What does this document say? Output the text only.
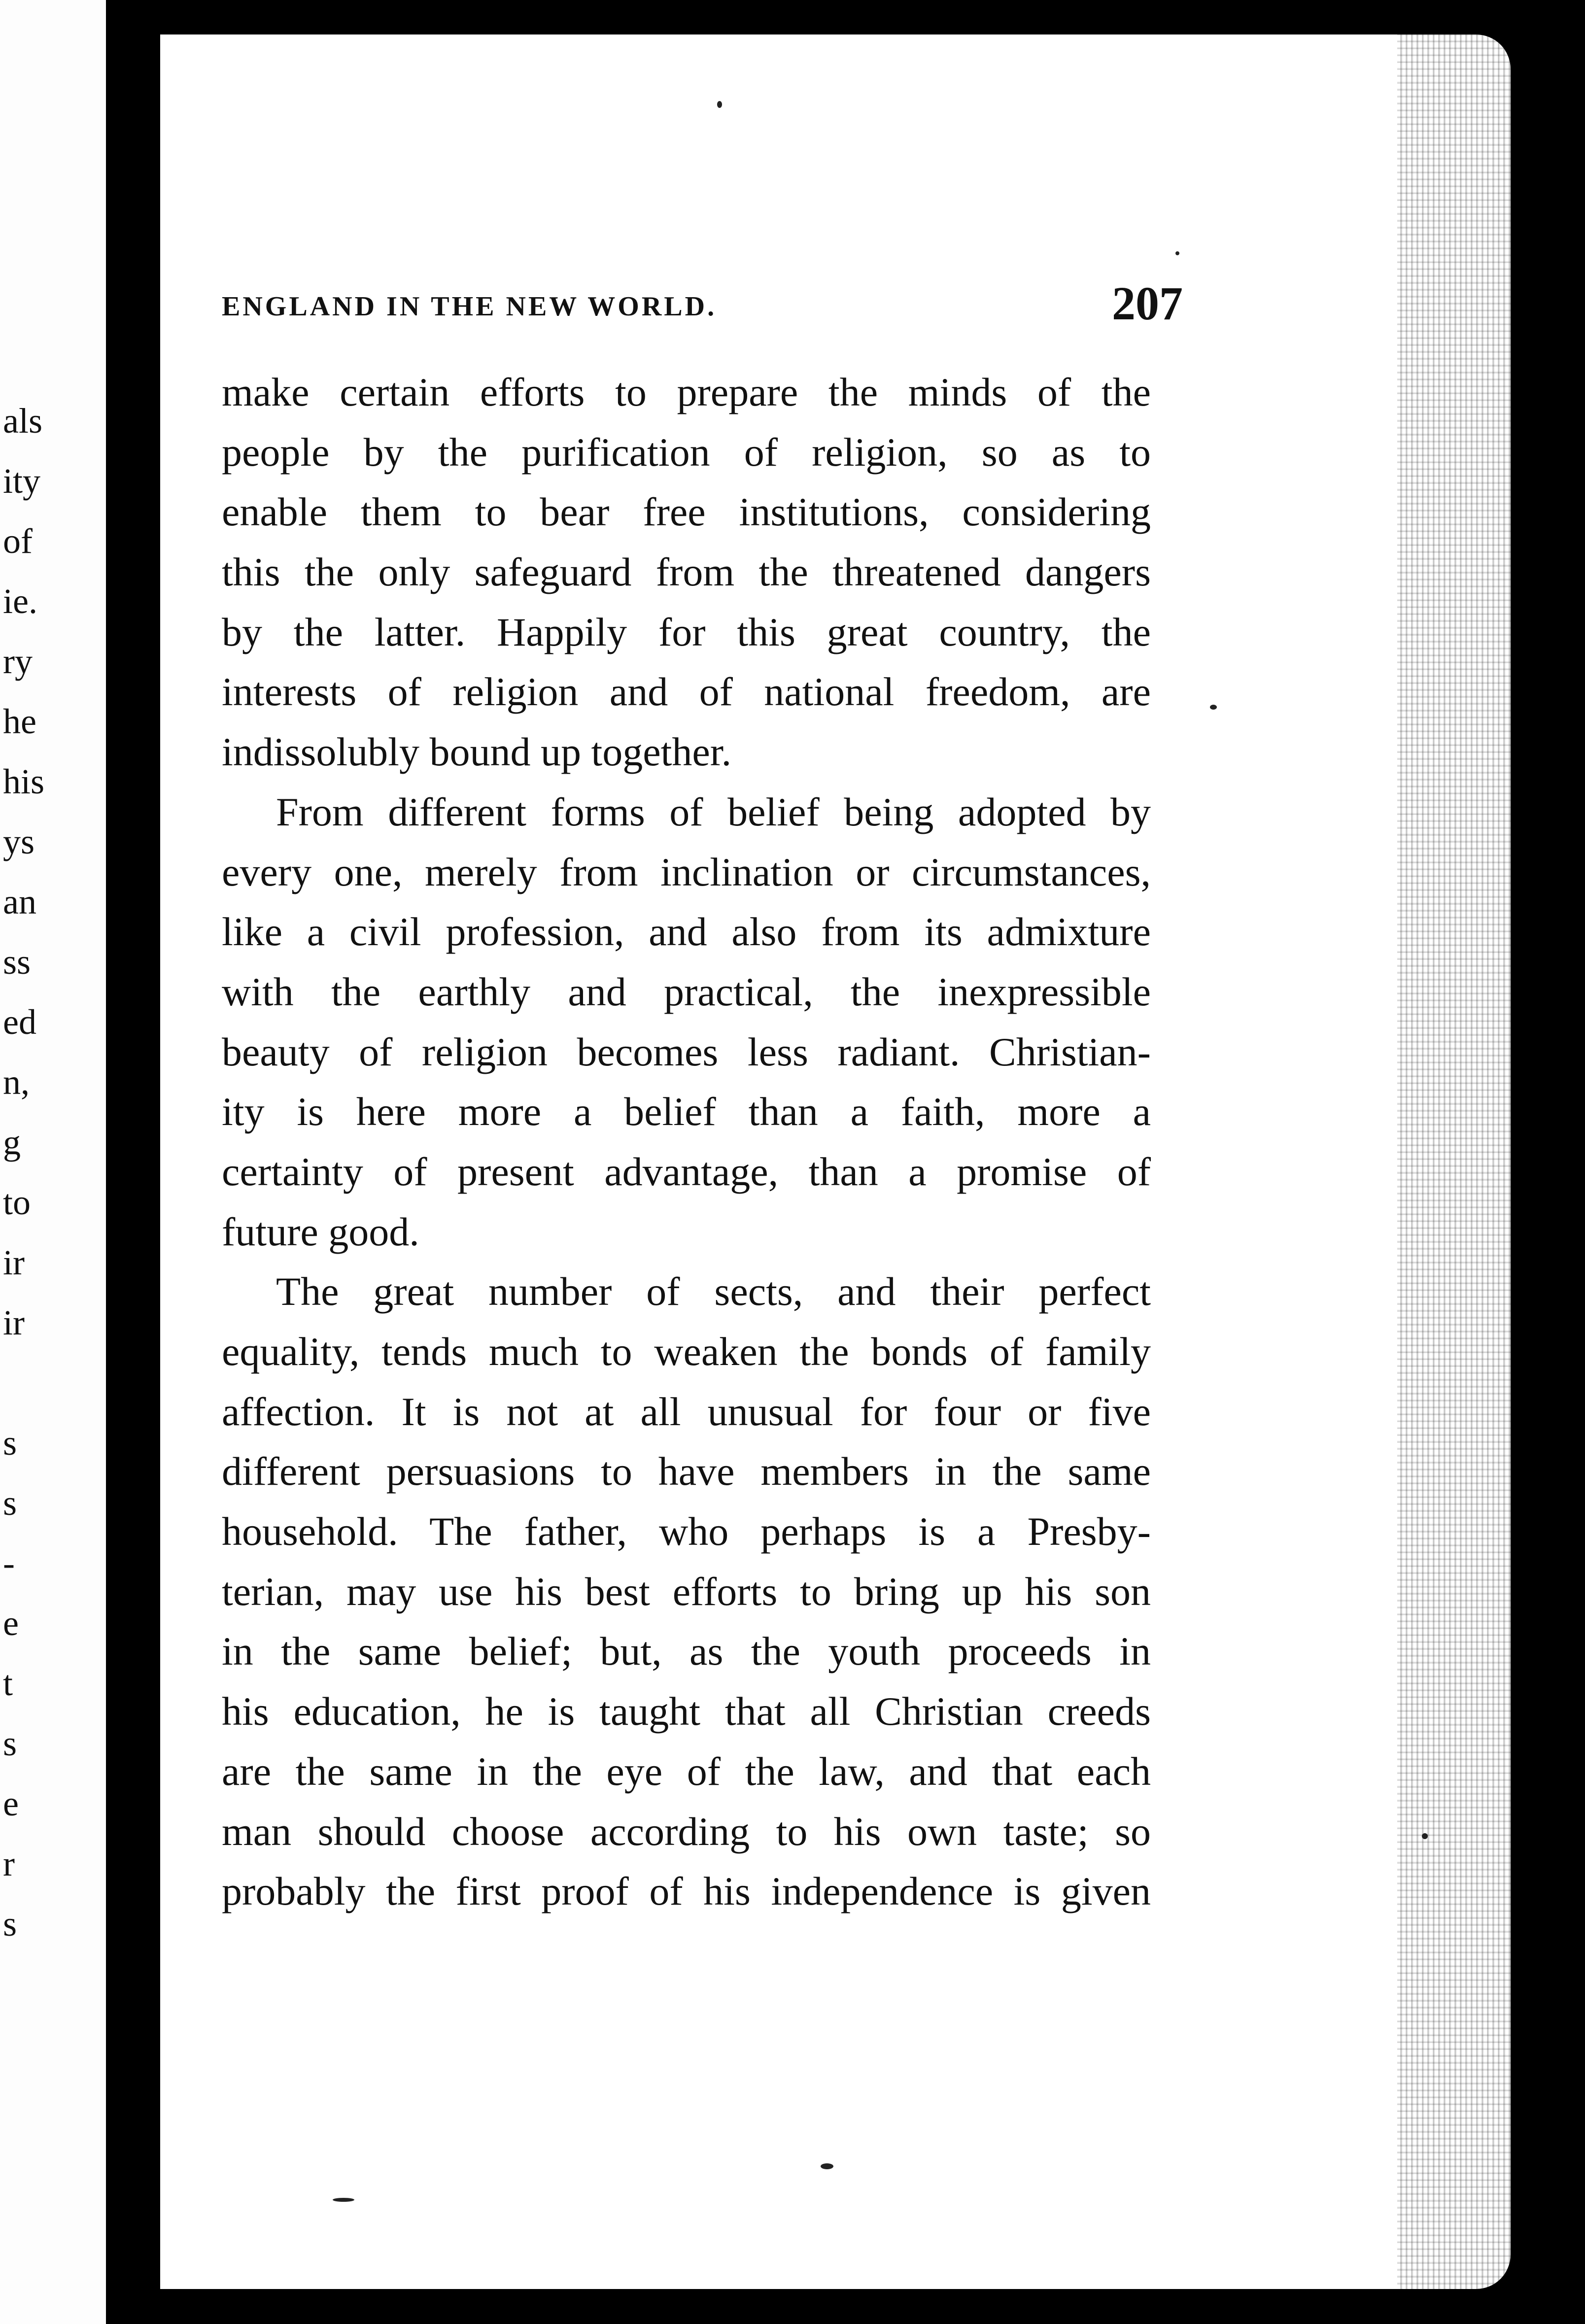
als
ity
of
ie.
ry
he
his
ys
an
ss
ed
n,
g
to
ir
ir
s
s
-
e
t
s
e
r
s
ENGLAND IN THE NEW WORLD.	207
make certain efforts to prepare the minds of the
people by the purification of religion, so as to
enable them to bear free institutions, considering
this the only safeguard from the threatened dangers
by the latter. Happily for this great country, the
interests of religion and of national freedom, are
indissolubly bound up together.
From different forms of belief being adopted by
every one, merely from inclination or circumstances,
like a civil profession, and also from its admixture
with the earthly and practical, the inexpressible
beauty of religion becomes less radiant. Christian-
ity is here more a belief than a faith, more a
certainty of present advantage, than a promise of
future good.
The great number of sects, and their perfect
equality, tends much to weaken the bonds of family
affection. It is not at all unusual for four or five
different persuasions to have members in the same
household. The father, who perhaps is a Presby-
terian, may use his best efforts to bring up his son
in the same belief; but, as the youth proceeds in
his education, he is taught that all Christian creeds
are the same in the eye of the law, and that each
man should choose according to his own taste; so
probably the first proof of his independence is given
